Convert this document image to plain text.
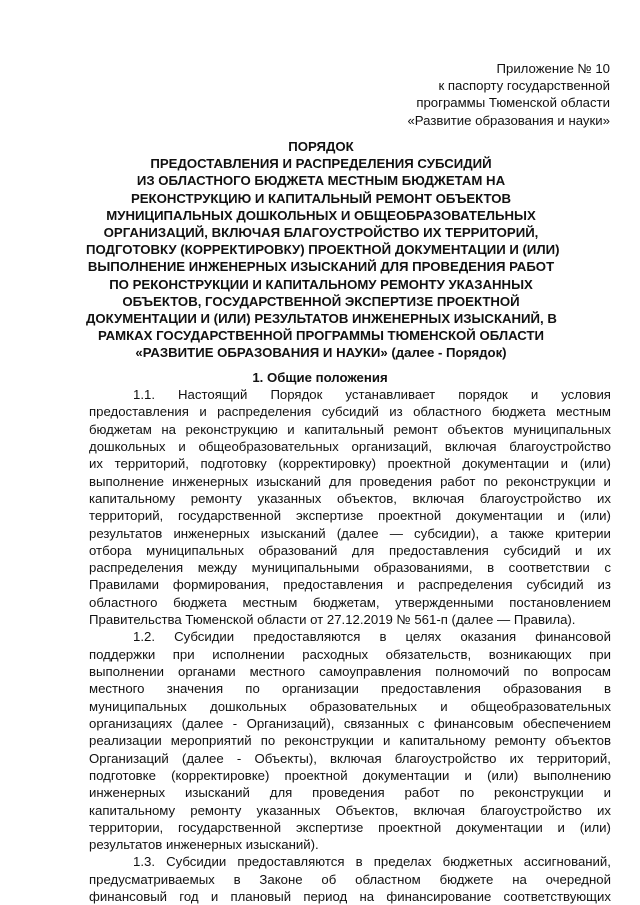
Приложение № 10
к паспорту государственной
программы Тюменской области
«Развитие образования и науки»
ПОРЯДОК
ПРЕДОСТАВЛЕНИЯ И РАСПРЕДЕЛЕНИЯ СУБСИДИЙ
ИЗ ОБЛАСТНОГО БЮДЖЕТА МЕСТНЫМ БЮДЖЕТАМ НА
РЕКОНСТРУКЦИЮ И КАПИТАЛЬНЫЙ РЕМОНТ ОБЪЕКТОВ
МУНИЦИПАЛЬНЫХ ДОШКОЛЬНЫХ И ОБЩЕОБРАЗОВАТЕЛЬНЫХ
ОРГАНИЗАЦИЙ, ВКЛЮЧАЯ БЛАГОУСТРОЙСТВО ИХ ТЕРРИТОРИЙ,
ПОДГОТОВКУ (КОРРЕКТИРОВКУ) ПРОЕКТНОЙ ДОКУМЕНТАЦИИ И (ИЛИ)
ВЫПОЛНЕНИЕ ИНЖЕНЕРНЫХ ИЗЫСКАНИЙ ДЛЯ ПРОВЕДЕНИЯ РАБОТ
ПО РЕКОНСТРУКЦИИ И КАПИТАЛЬНОМУ РЕМОНТУ УКАЗАННЫХ
ОБЪЕКТОВ, ГОСУДАРСТВЕННОЙ ЭКСПЕРТИЗЕ ПРОЕКТНОЙ
ДОКУМЕНТАЦИИ И (ИЛИ) РЕЗУЛЬТАТОВ ИНЖЕНЕРНЫХ ИЗЫСКАНИЙ, В
РАМКАХ ГОСУДАРСТВЕННОЙ ПРОГРАММЫ ТЮМЕНСКОЙ ОБЛАСТИ
«РАЗВИТИЕ ОБРАЗОВАНИЯ И НАУКИ» (далее - Порядок)
1. Общие положения
1.1. Настоящий Порядок устанавливает порядок и условия
предоставления и распределения субсидий из областного бюджета местным
бюджетам на реконструкцию и капитальный ремонт объектов муниципальных
дошкольных и общеобразовательных организаций, включая благоустройство
их территорий, подготовку (корректировку) проектной документации и (или)
выполнение инженерных изысканий для проведения работ по реконструкции и
капитальному ремонту указанных объектов, включая благоустройство их
территорий, государственной экспертизе проектной документации и (или)
результатов инженерных изысканий (далее — субсидии), а также критерии
отбора муниципальных образований для предоставления субсидий и их
распределения между муниципальными образованиями, в соответствии с
Правилами формирования, предоставления и распределения субсидий из
областного бюджета местным бюджетам, утвержденными постановлением
Правительства Тюменской области от 27.12.2019 № 561-п (далее — Правила).
1.2. Субсидии предоставляются в целях оказания финансовой
поддержки при исполнении расходных обязательств, возникающих при
выполнении органами местного самоуправления полномочий по вопросам
местного значения по организации предоставления образования в
муниципальных дошкольных образовательных и общеобразовательных
организациях (далее - Организаций), связанных с финансовым обеспечением
реализации мероприятий по реконструкции и капитальному ремонту объектов
Организаций (далее - Объекты), включая благоустройство их территорий,
подготовке (корректировке) проектной документации и (или) выполнению
инженерных изысканий для проведения работ по реконструкции и
капитальному ремонту указанных Объектов, включая благоустройство их
территории, государственной экспертизе проектной документации и (или)
результатов инженерных изысканий).
1.3. Субсидии предоставляются в пределах бюджетных ассигнований,
предусматриваемых в Законе об областном бюджете на очередной
финансовый год и плановый период на финансирование соответствующих
